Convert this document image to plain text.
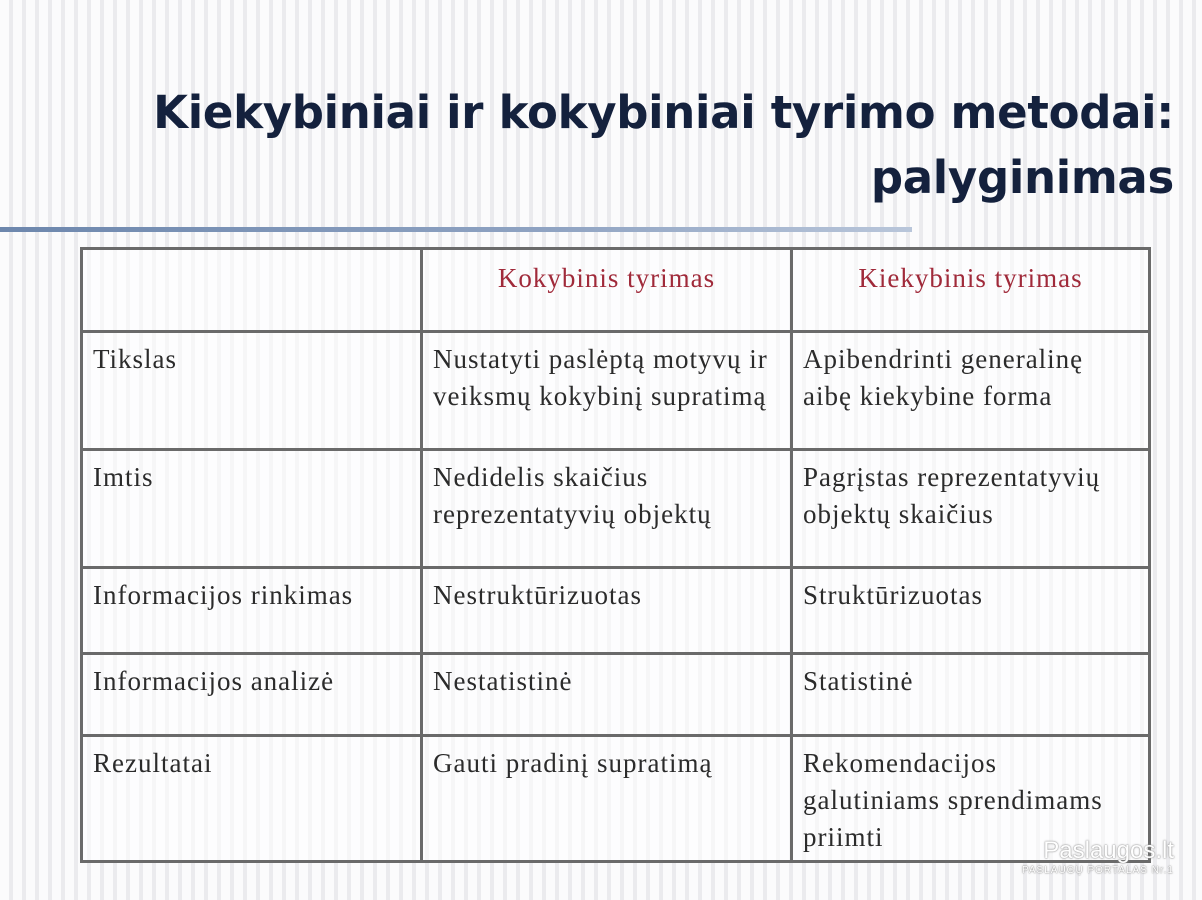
Kiekybiniai ir kokybiniai tyrimo metodai:
palyginimas
	Kokybinis tyrimas	Kiekybinis tyrimas
Tikslas	Nustatyti paslėptą motyvų ir veiksmų kokybinį supratimą	Apibendrinti generalinę aibę kiekybine forma
Imtis	Nedidelis skaičius reprezentatyvių objektų	Pagrįstas reprezentatyvių objektų skaičius
Informacijos rinkimas	Nestruktūrizuotas	Struktūrizuotas
Informacijos analizė	Nestatistinė	Statistinė
Rezultatai	Gauti pradinį supratimą	Rekomendacijos galutiniams sprendimams priimti	Paslaugos.lt
PASLAUGŲ PORTALAS Nr.1
